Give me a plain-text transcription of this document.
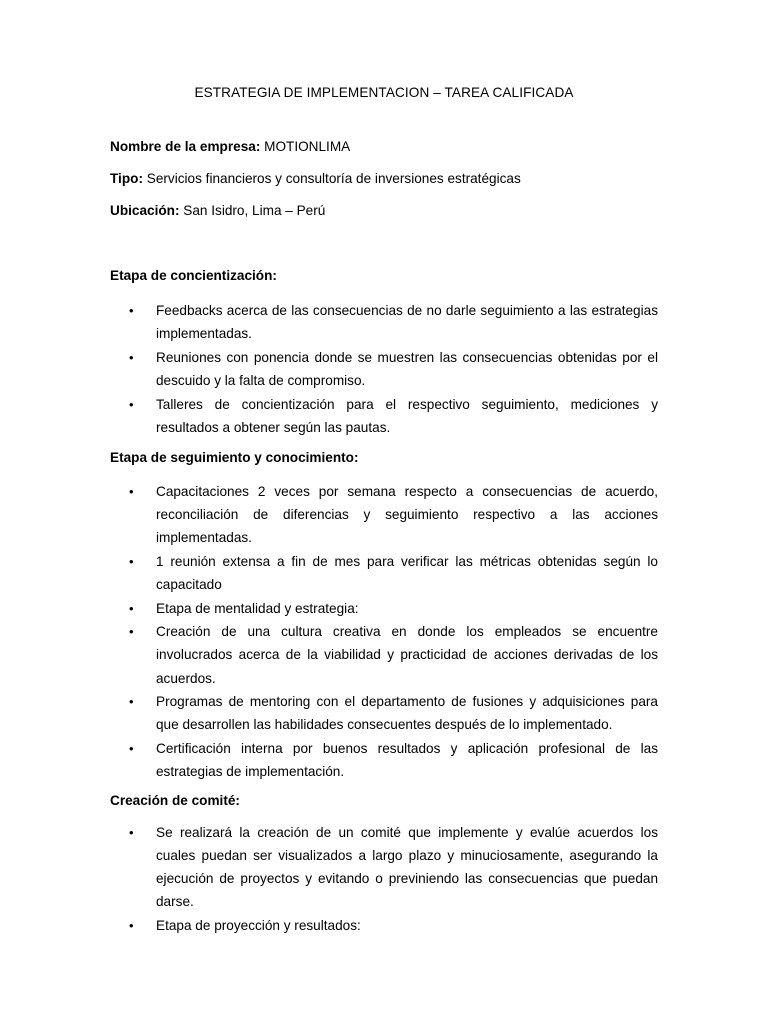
ESTRATEGIA DE IMPLEMENTACION – TAREA CALIFICADA
Nombre de la empresa: MOTIONLIMA
Tipo: Servicios financieros y consultoría de inversiones estratégicas
Ubicación: San Isidro, Lima – Perú
Etapa de concientización:
• Feedbacks acerca de las consecuencias de no darle seguimiento a las estrategias implementadas.
• Reuniones con ponencia donde se muestren las consecuencias obtenidas por el descuido y la falta de compromiso.
• Talleres de concientización para el respectivo seguimiento, mediciones y resultados a obtener según las pautas.
Etapa de seguimiento y conocimiento:
• Capacitaciones 2 veces por semana respecto a consecuencias de acuerdo, reconciliación de diferencias y seguimiento respectivo a las acciones implementadas.
• 1 reunión extensa a fin de mes para verificar las métricas obtenidas según lo capacitado
• Etapa de mentalidad y estrategia:
• Creación de una cultura creativa en donde los empleados se encuentre involucrados acerca de la viabilidad y practicidad de acciones derivadas de los acuerdos.
• Programas de mentoring con el departamento de fusiones y adquisiciones para que desarrollen las habilidades consecuentes después de lo implementado.
• Certificación interna por buenos resultados y aplicación profesional de las estrategias de implementación.
Creación de comité:
• Se realizará la creación de un comité que implemente y evalúe acuerdos los cuales puedan ser visualizados a largo plazo y minuciosamente, asegurando la ejecución de proyectos y evitando o previniendo las consecuencias que puedan darse.
• Etapa de proyección y resultados:
